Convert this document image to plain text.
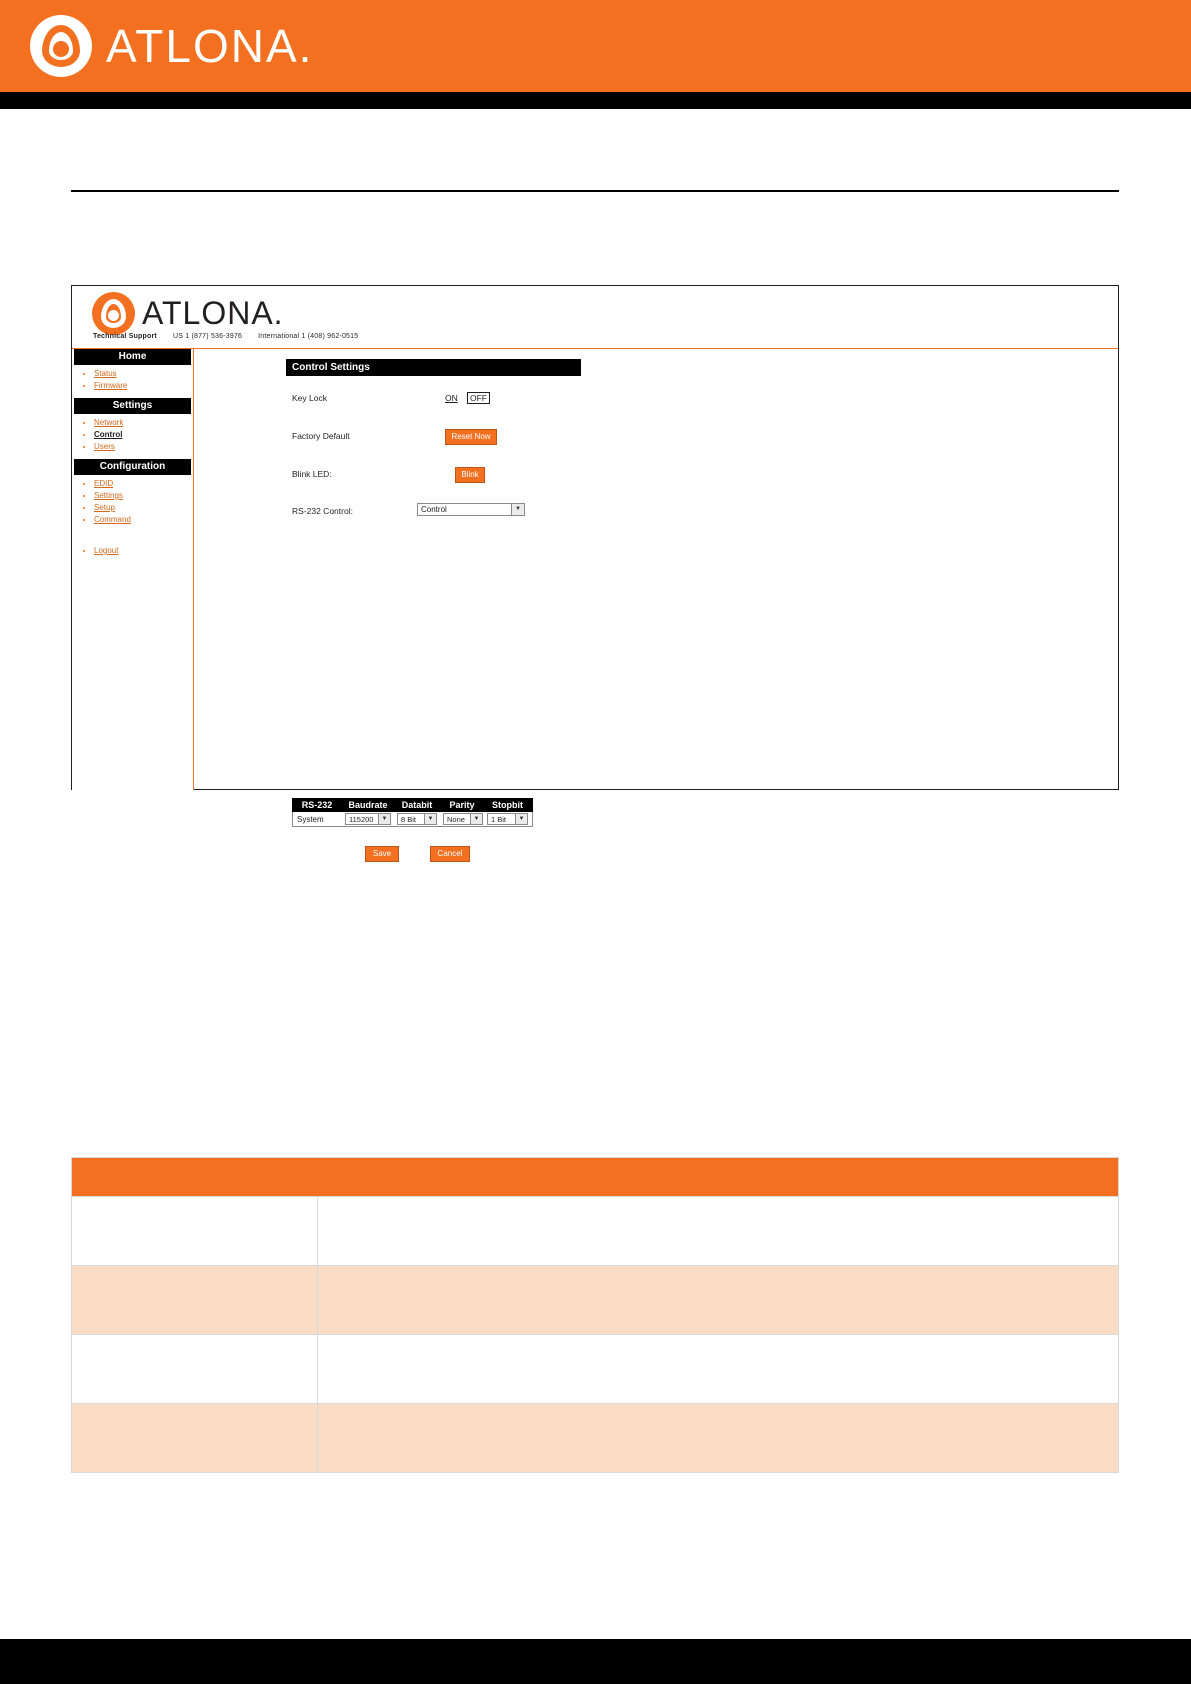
ATLONA.
ATLONA.
Technical Support US 1 (877) 536-3976 International 1 (408) 962-0515
Home
• Status
• Firmware
Settings
• Network
• Control
• Users
Configuration
• EDID
• Settings
• Setup
• Command
• Logout
Control Settings
Key Lock	ON	OFF
Factory Default	Reset Now
Blink LED:	Blink
RS-232 Control:	Control	▼
RS-232	Baudrate	Databit	Parity	Stopbit
System	115200	▼	8 Bit	▼	None	▼	1 Bit	▼
Save	Cancel
